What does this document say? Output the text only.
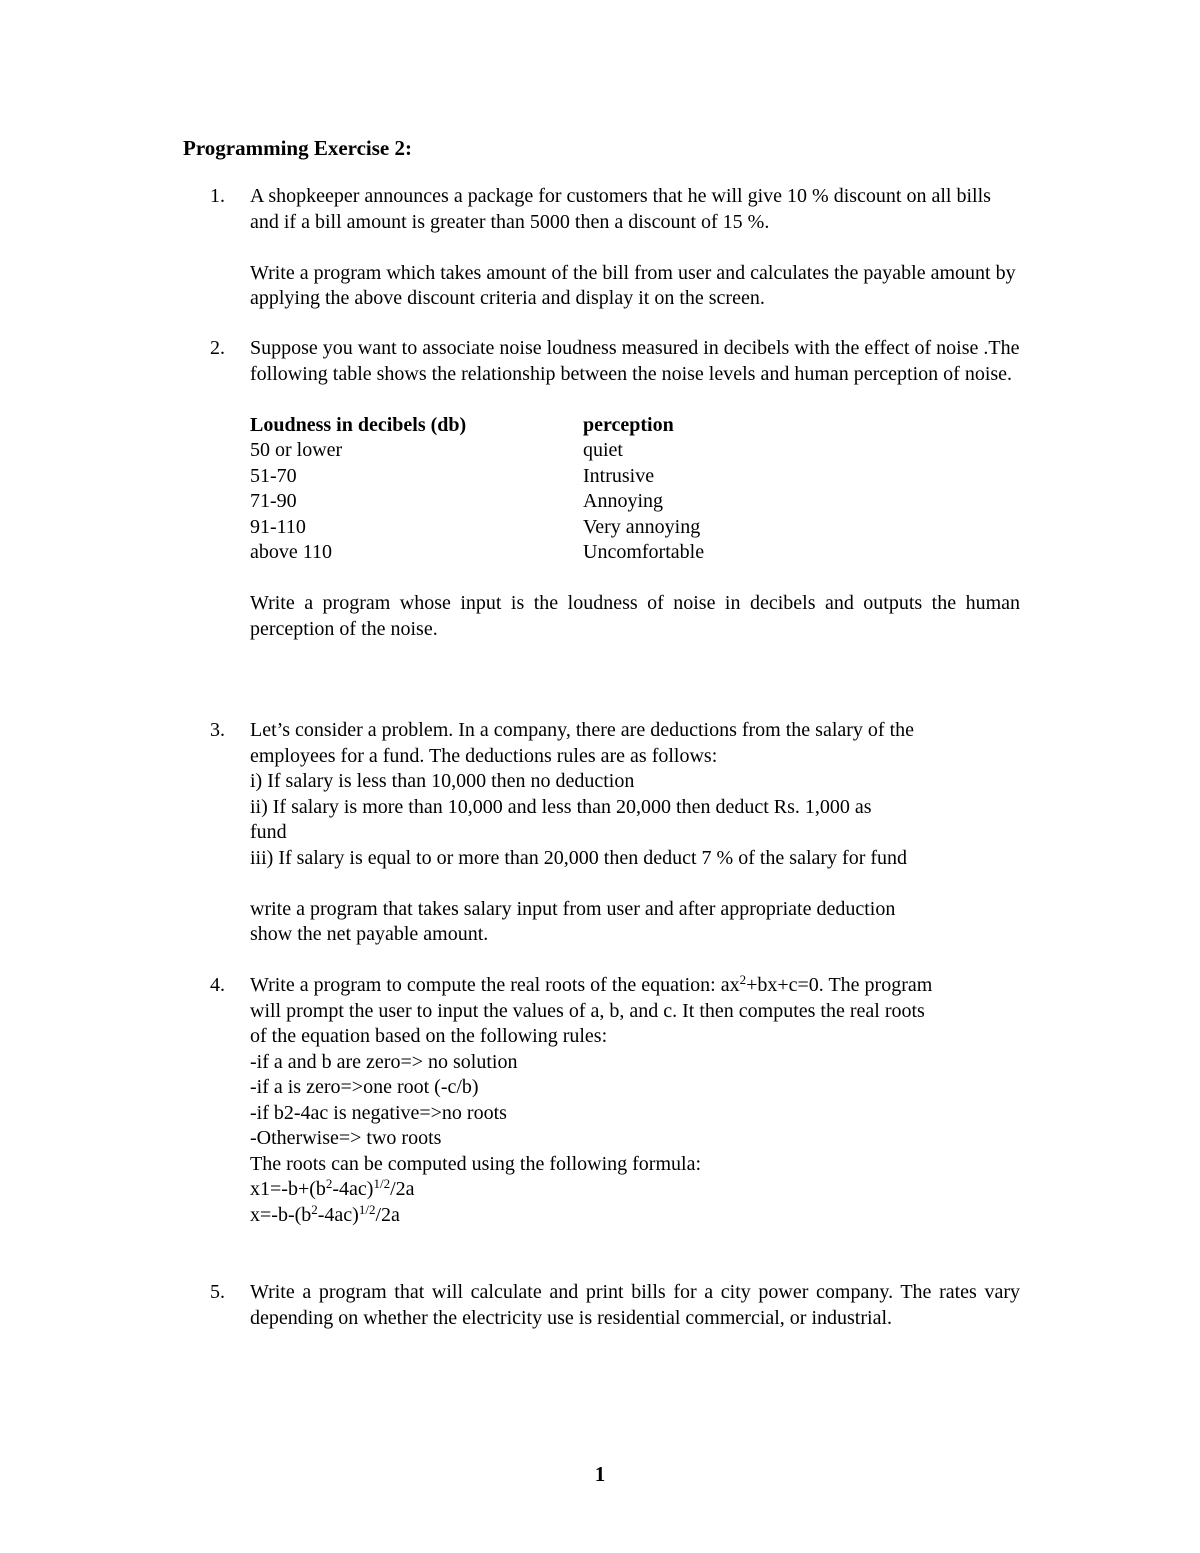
Programming Exercise 2:
1.	A shopkeeper announces a package for customers that he will give 10 % discount on all bills and if a bill amount is greater than 5000 then a discount of 15 %.

Write a program which takes amount of the bill from user and calculates the payable amount by applying the above discount criteria and display it on the screen.

2.	Suppose you want to associate noise loudness measured in decibels with the effect of noise .The following table shows the relationship between the noise levels and human perception of noise.

Loudness in decibels (db)	perception
50 or lower	quiet
51-70	Intrusive
71-90	Annoying
91-110	Very annoying
above 110	Uncomfortable

Write a program whose input is the loudness of noise in decibels and outputs the human perception of the noise.

3.	Let’s consider a problem. In a company, there are deductions from the salary of the
employees for a fund. The deductions rules are as follows:
i) If salary is less than 10,000 then no deduction
ii) If salary is more than 10,000 and less than 20,000 then deduct Rs. 1,000 as
fund
iii) If salary is equal to or more than 20,000 then deduct 7 % of the salary for fund

write a program that takes salary input from user and after appropriate deduction
show the net payable amount.

4.	Write a program to compute the real roots of the equation: $ax^2+bx+c=0$. The program
will prompt the user to input the values of a, b, and c. It then computes the real roots
of the equation based on the following rules:
-if a and b are zero=> no solution
-if a is zero=>one root (-c/b)
-if b2-4ac is negative=>no roots
-Otherwise=> two roots
The roots can be computed using the following formula:
$x1=-b+(b^2-4ac)^{1/2}/2a$
$x=-b-(b^2-4ac)^{1/2}/2a$

5.	Write a program that will calculate and print bills for a city power company. The rates vary depending on whether the electricity use is residential commercial, or industrial.

1
